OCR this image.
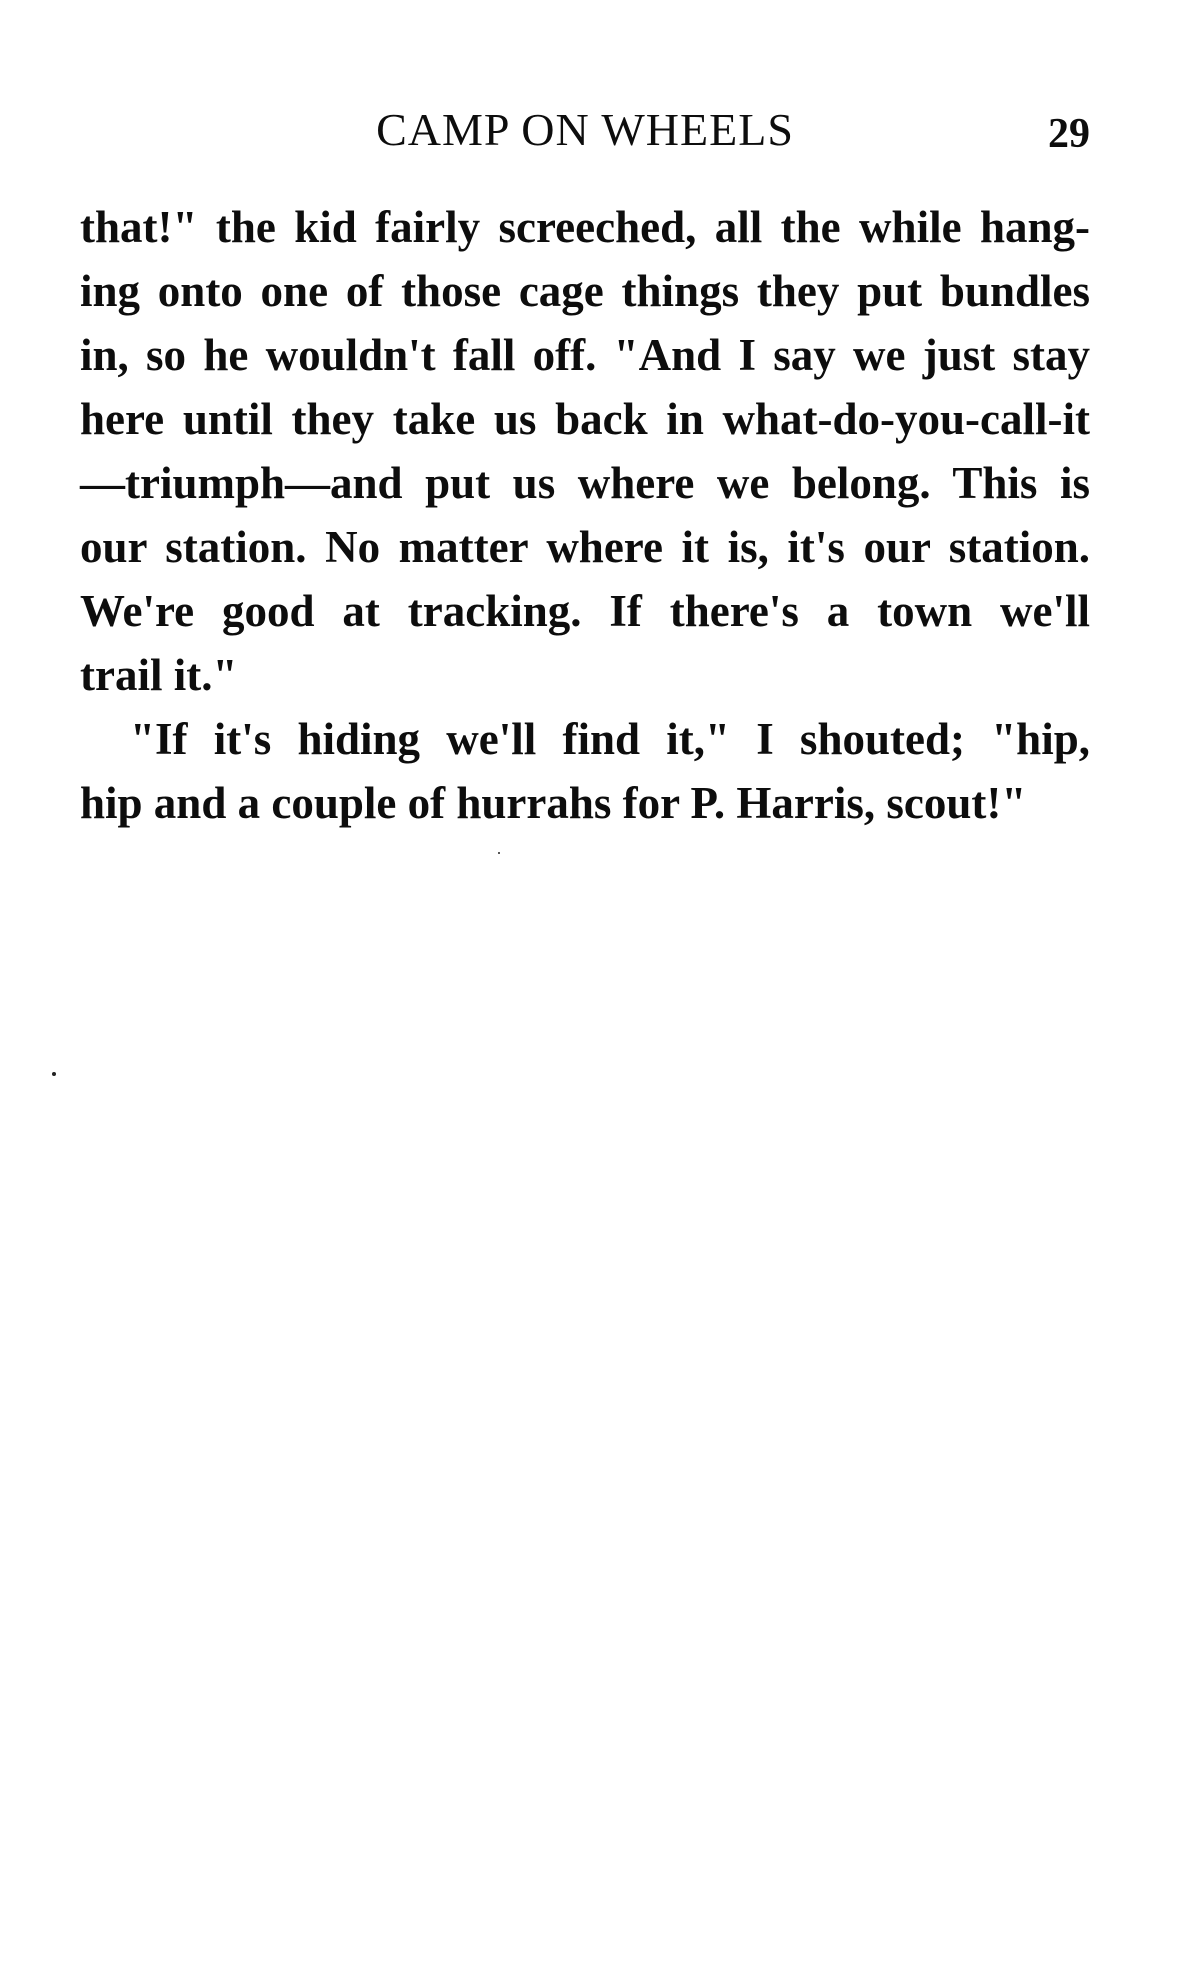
CAMP ON WHEELS	29
that!" the kid fairly screeched, all the while hang-
ing onto one of those cage things they put bundles
in, so he wouldn't fall off. "And I say we just stay
here until they take us back in what-do-you-call-it
—triumph—and put us where we belong. This is
our station. No matter where it is, it's our station.
We're good at tracking. If there's a town we'll
trail it."
"If it's hiding we'll find it," I shouted; "hip,
hip and a couple of hurrahs for P. Harris, scout!"
